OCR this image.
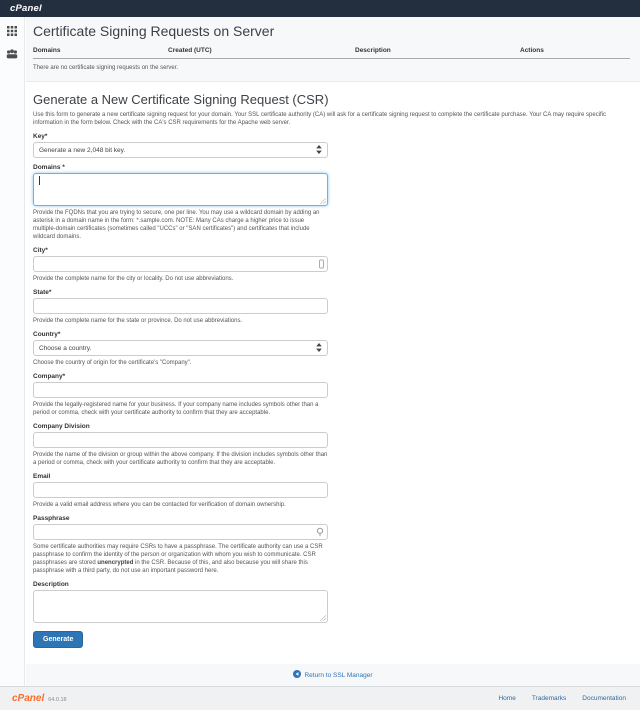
cPanel
Certificate Signing Requests on Server
Domains	Created (UTC)	Description	Actions
There are no certificate signing requests on the server.
Generate a New Certificate Signing Request (CSR)

Use this form to generate a new certificate signing request for your domain. Your SSL certificate authority (CA) will ask for a certificate signing request to complete the certificate purchase. Your CA may require specific information in the form below. Check with the CA's CSR requirements for the Apache web server.

Key*
Generate a new 2,048 bit key.
Domains *

Provide the FQDNs that you are trying to secure, one per line. You may use a wildcard domain by adding an asterisk in a domain name in the form: *.sample.com. NOTE: Many CAs charge a higher price to issue multiple-domain certificates (sometimes called "UCCs" or "SAN certificates") and certificates that include wildcard domains.

City*

Provide the complete name for the city or locality. Do not use abbreviations.

State*

Provide the complete name for the state or province. Do not use abbreviations.

Country*
Choose a country.

Choose the country of origin for the certificate's "Company".

Company*

Provide the legally-registered name for your business. If your company name includes symbols other than a period or comma, check with your certificate authority to confirm that they are acceptable.

Company Division

Provide the name of the division or group within the above company. If the division includes symbols other than a period or comma, check with your certificate authority to confirm that they are acceptable.

Email

Provide a valid email address where you can be contacted for verification of domain ownership.

Passphrase

Some certificate authorities may require CSRs to have a passphrase. The certificate authority can use a CSR passphrase to confirm the identity of the person or organization with whom you wish to communicate. CSR passphrases are stored unencrypted in the CSR. Because of this, and also because you will share this passphrase with a third party, do not use an important password here.

Description
Generate
Return to SSL Manager
cPanel 64.0.18	Home Trademarks Documentation
